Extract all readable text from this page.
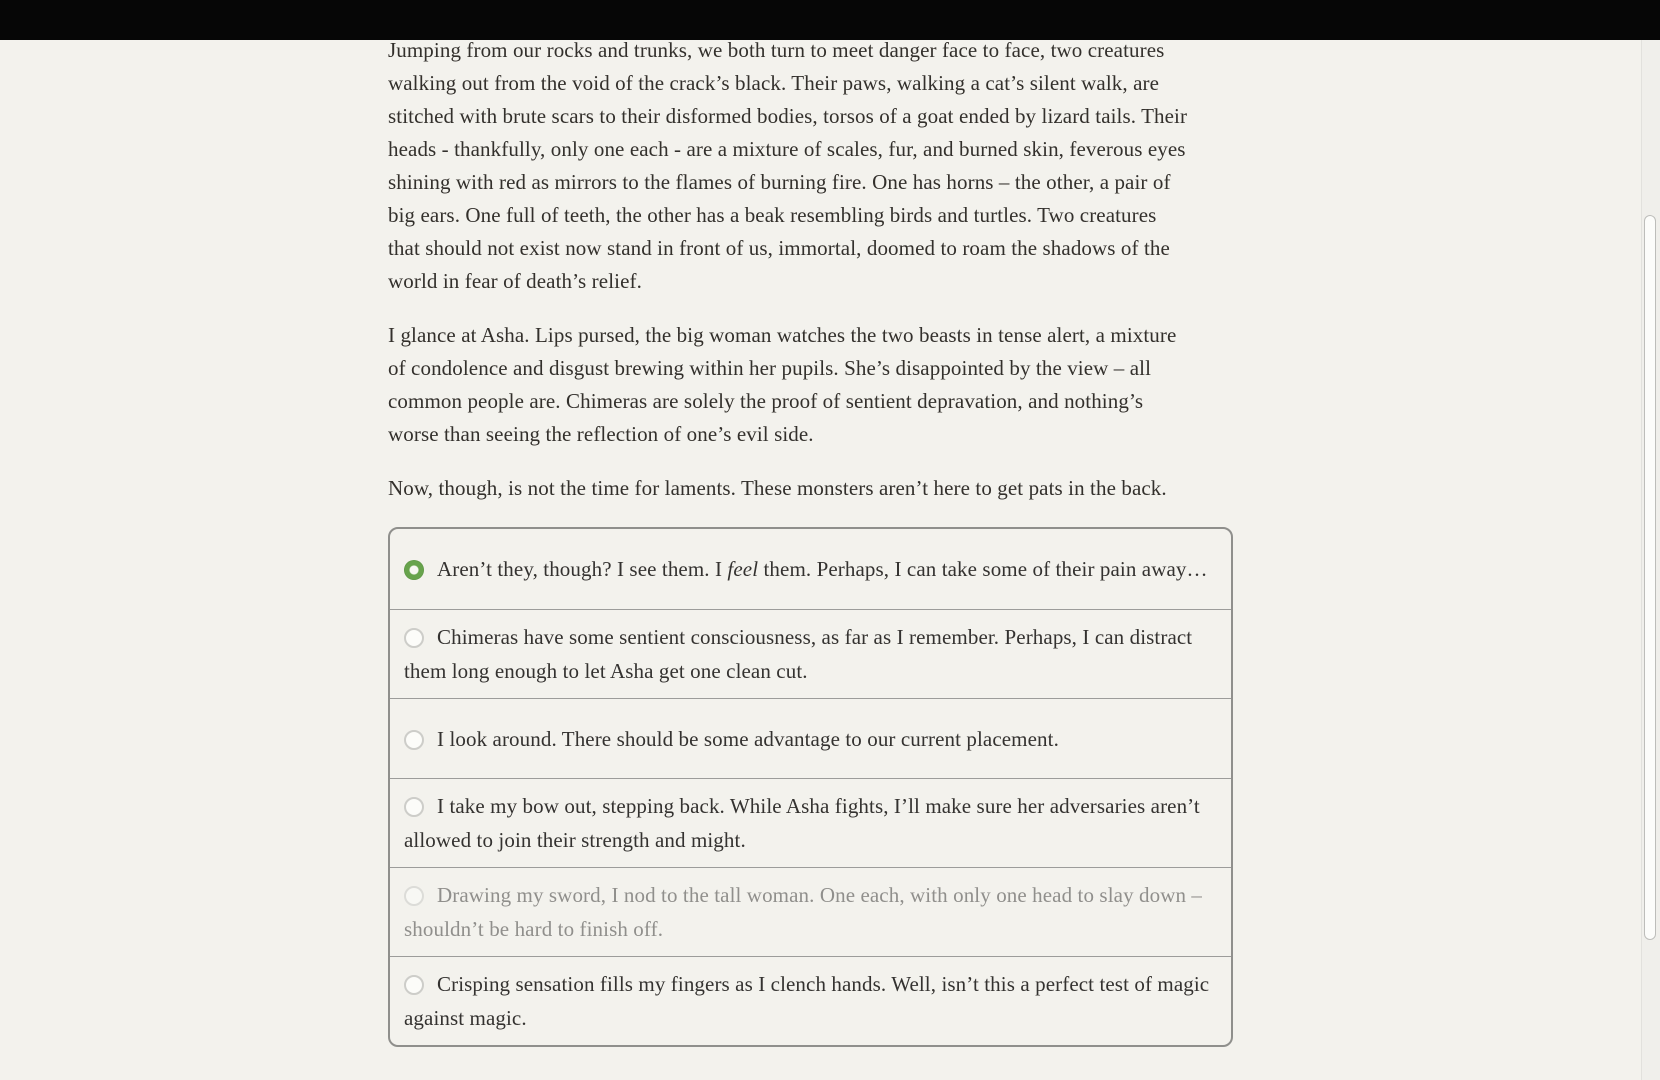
Jumping from our rocks and trunks, we both turn to meet danger face to face, two creatures walking out from the void of the crack’s black. Their paws, walking a cat’s silent walk, are stitched with brute scars to their disformed bodies, torsos of a goat ended by lizard tails. Their heads - thankfully, only one each - are a mixture of scales, fur, and burned skin, feverous eyes shining with red as mirrors to the flames of burning fire. One has horns – the other, a pair of big ears. One full of teeth, the other has a beak resembling birds and turtles. Two creatures that should not exist now stand in front of us, immortal, doomed to roam the shadows of the world in fear of death’s relief.

I glance at Asha. Lips pursed, the big woman watches the two beasts in tense alert, a mixture of condolence and disgust brewing within her pupils. She’s disappointed by the view – all common people are. Chimeras are solely the proof of sentient depravation, and nothing’s worse than seeing the reflection of one’s evil side.

Now, though, is not the time for laments. These monsters aren’t here to get pats in the back.

Aren’t they, though? I see them. I feel them. Perhaps, I can take some of their pain away…
Chimeras have some sentient consciousness, as far as I remember. Perhaps, I can distract them long enough to let Asha get one clean cut.
I look around. There should be some advantage to our current placement.
I take my bow out, stepping back. While Asha fights, I’ll make sure her adversaries aren’t allowed to join their strength and might.
Drawing my sword, I nod to the tall woman. One each, with only one head to slay down – shouldn’t be hard to finish off.
Crisping sensation fills my fingers as I clench hands. Well, isn’t this a perfect test of magic against magic.
